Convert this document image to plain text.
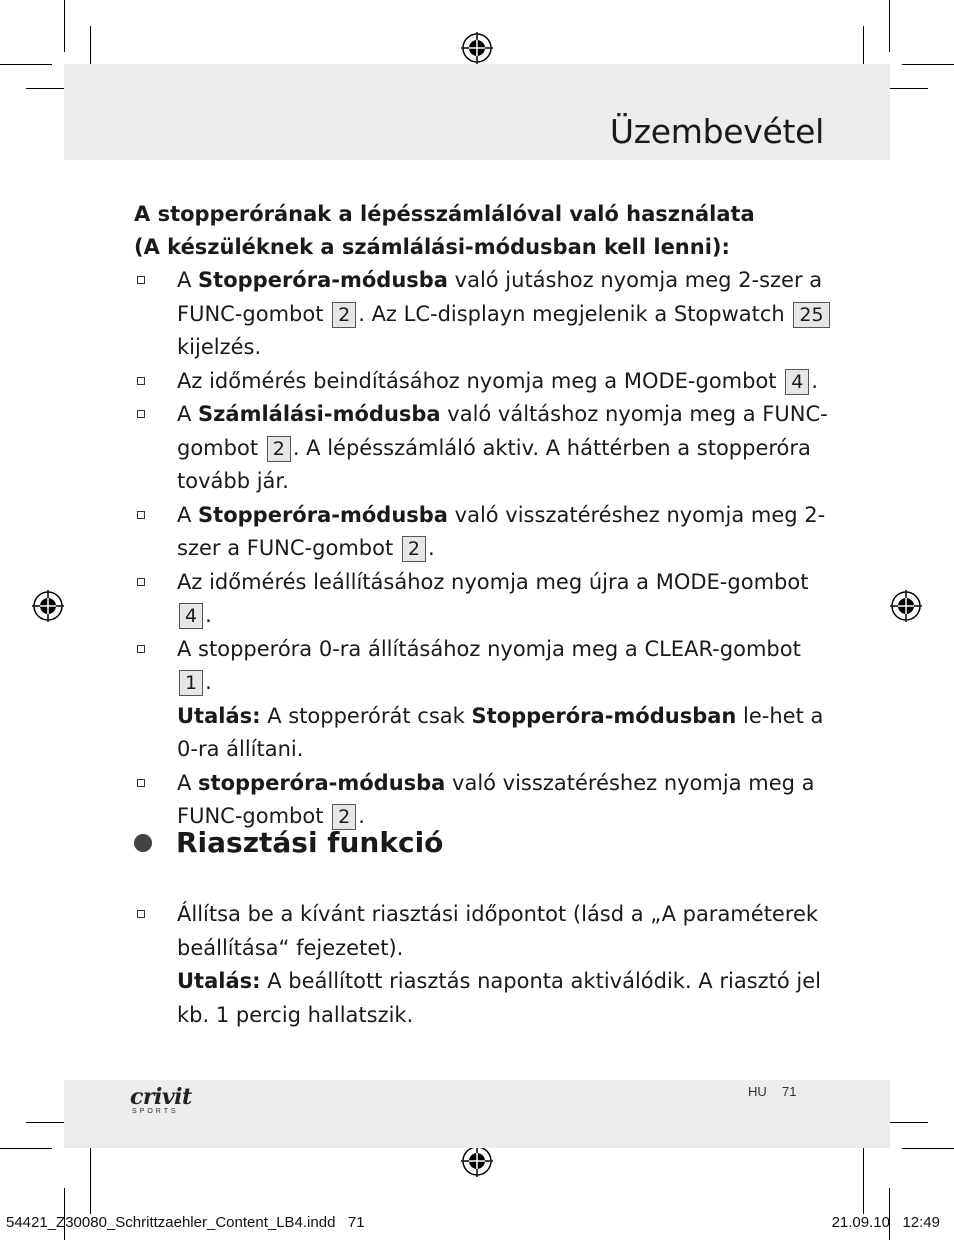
Üzembevétel

A stopperórának a lépésszámlálóval való használata
(A készüléknek a számlálási-módusban kell lenni):

A Stopperóra-módusba való jutáshoz nyomja meg 2-szer a FUNC-gombot 2 . Az LC-displayn megjelenik a Stopwatch 25 kijelzés.
Az időmérés beindításához nyomja meg a MODE-gombot 4 .
A Számlálási-módusba való váltáshoz nyomja meg a FUNC-gombot 2 . A lépésszámláló aktiv. A háttérben a stopperóra tovább jár.
A Stopperóra-módusba való visszatéréshez nyomja meg 2-szer a FUNC-gombot 2 .
Az időmérés leállításához nyomja meg újra a MODE-gombot 4 .
A stopperóra 0-ra állításához nyomja meg a CLEAR-gombot 1 .
Utalás: A stopperórát csak Stopperóra-módusban le-het a 0-ra állítani.
A stopperóra-módusba való visszatéréshez nyomja meg a FUNC-gombot 2 .
Riasztási funkció
Állítsa be a kívánt riasztási időpontot (lásd a „A paraméterek beállítása“ fejezetet).
Utalás: A beállított riasztás naponta aktiválódik. A riasztó jel kb. 1 percig hallatszik.
crivit
SPORTS
HU 71
54421_Z30080_Schrittzaehler_Content_LB4.indd   71	21.09.10   12:49
